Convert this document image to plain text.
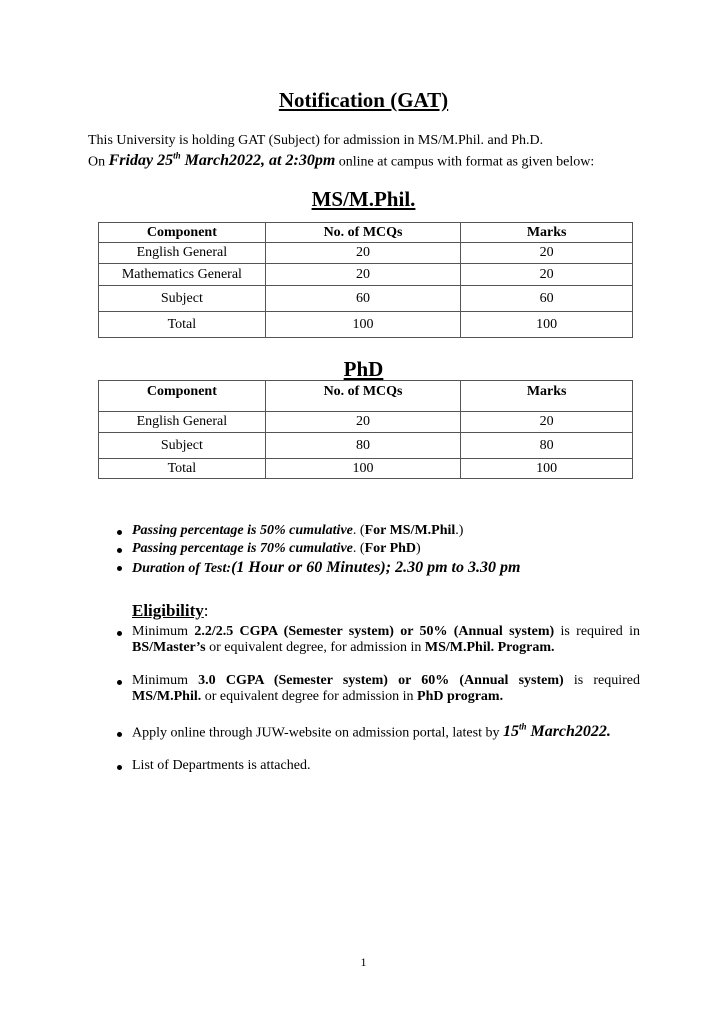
Notification (GAT)
This University is holding GAT (Subject) for admission in MS/M.Phil. and Ph.D.
On Friday 25th March2022, at 2:30pm online at campus with format as given below:
MS/M.Phil.
Component	No. of MCQs	Marks
English General	20	20
Mathematics General	20	20
Subject	60	60
Total	100	100
PhD
Component	No. of MCQs	Marks
English General	20	20
Subject	80	80
Total	100	100
Passing percentage is 50% cumulative. (For MS/M.Phil.)
Passing percentage is 70% cumulative. (For PhD)
Duration of Test:(1 Hour or 60 Minutes); 2.30 pm to 3.30 pm
Eligibility:
Minimum 2.2/2.5 CGPA (Semester system) or 50% (Annual system) is required in BS/Master’s or equivalent degree, for admission in MS/M.Phil. Program.
Minimum 3.0 CGPA (Semester system) or 60% (Annual system) is required MS/M.Phil. or equivalent degree for admission in PhD program.
Apply online through JUW-website on admission portal, latest by 15th March2022.
List of Departments is attached.
1
